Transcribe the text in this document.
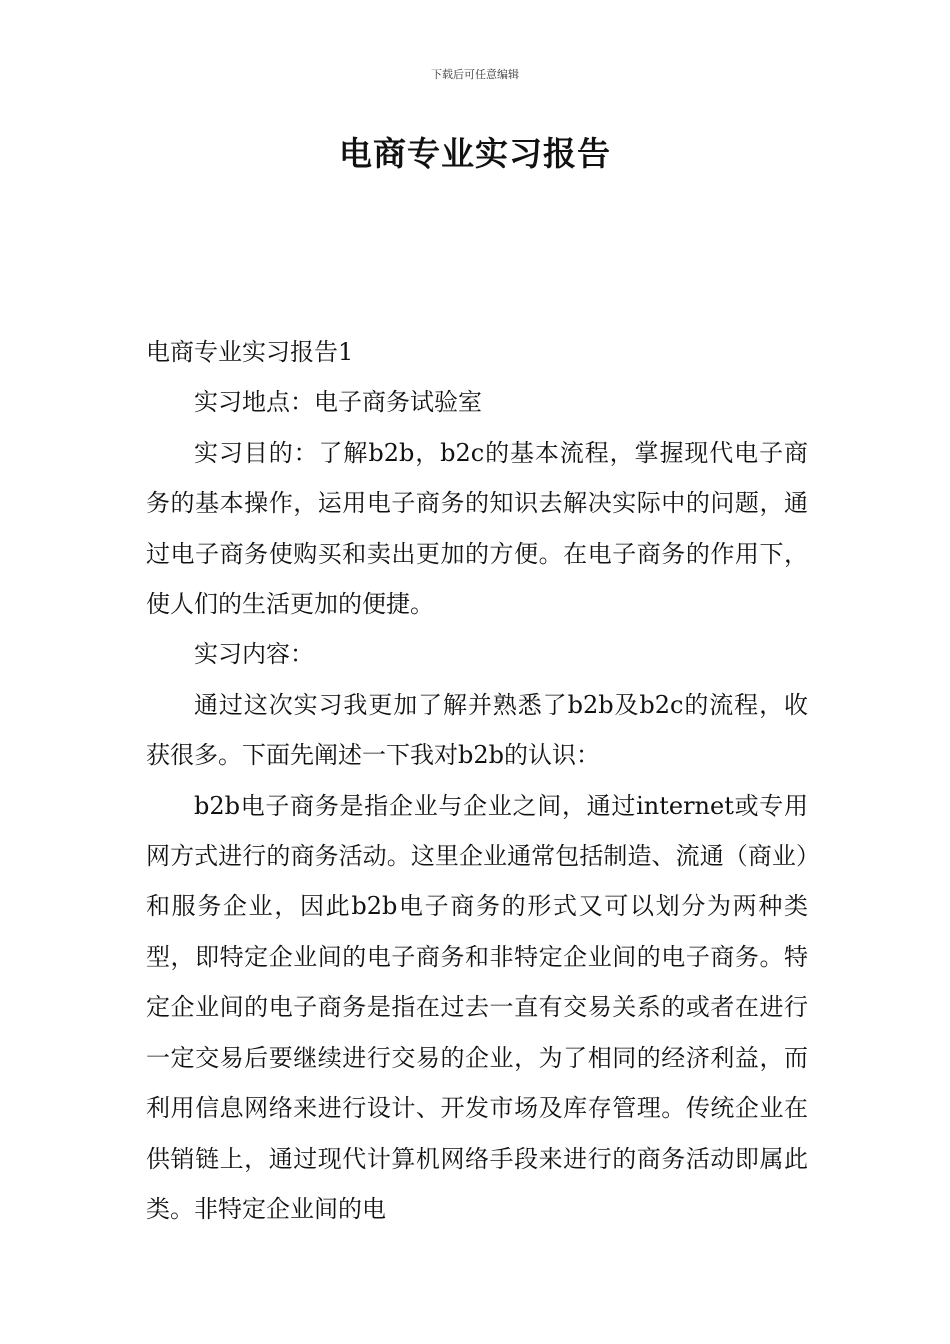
下载后可任意编辑
电商专业实习报告

电商专业实习报告1

实习地点：电子商务试验室

实习目的：了解b2b，b2c的基本流程，掌握现代电子商务的基本操作，运用电子商务的知识去解决实际中的问题，通过电子商务使购买和卖出更加的方便。在电子商务的作用下，使人们的生活更加的便捷。

实习内容：

通过这次实习我更加了解并熟悉了b2b及b2c的流程，收获很多。下面先阐述一下我对b2b的认识：

b2b电子商务是指企业与企业之间，通过internet或专用网方式进行的商务活动。这里企业通常包括制造、流通（商业）和服务企业，因此b2b电子商务的形式又可以划分为两种类型，即特定企业间的电子商务和非特定企业间的电子商务。特定企业间的电子商务是指在过去一直有交易关系的或者在进行一定交易后要继续进行交易的企业，为了相同的经济利益，而利用信息网络来进行设计、开发市场及库存管理。传统企业在供销链上，通过现代计算机网络手段来进行的商务活动即属此类。非特定企业间的电
